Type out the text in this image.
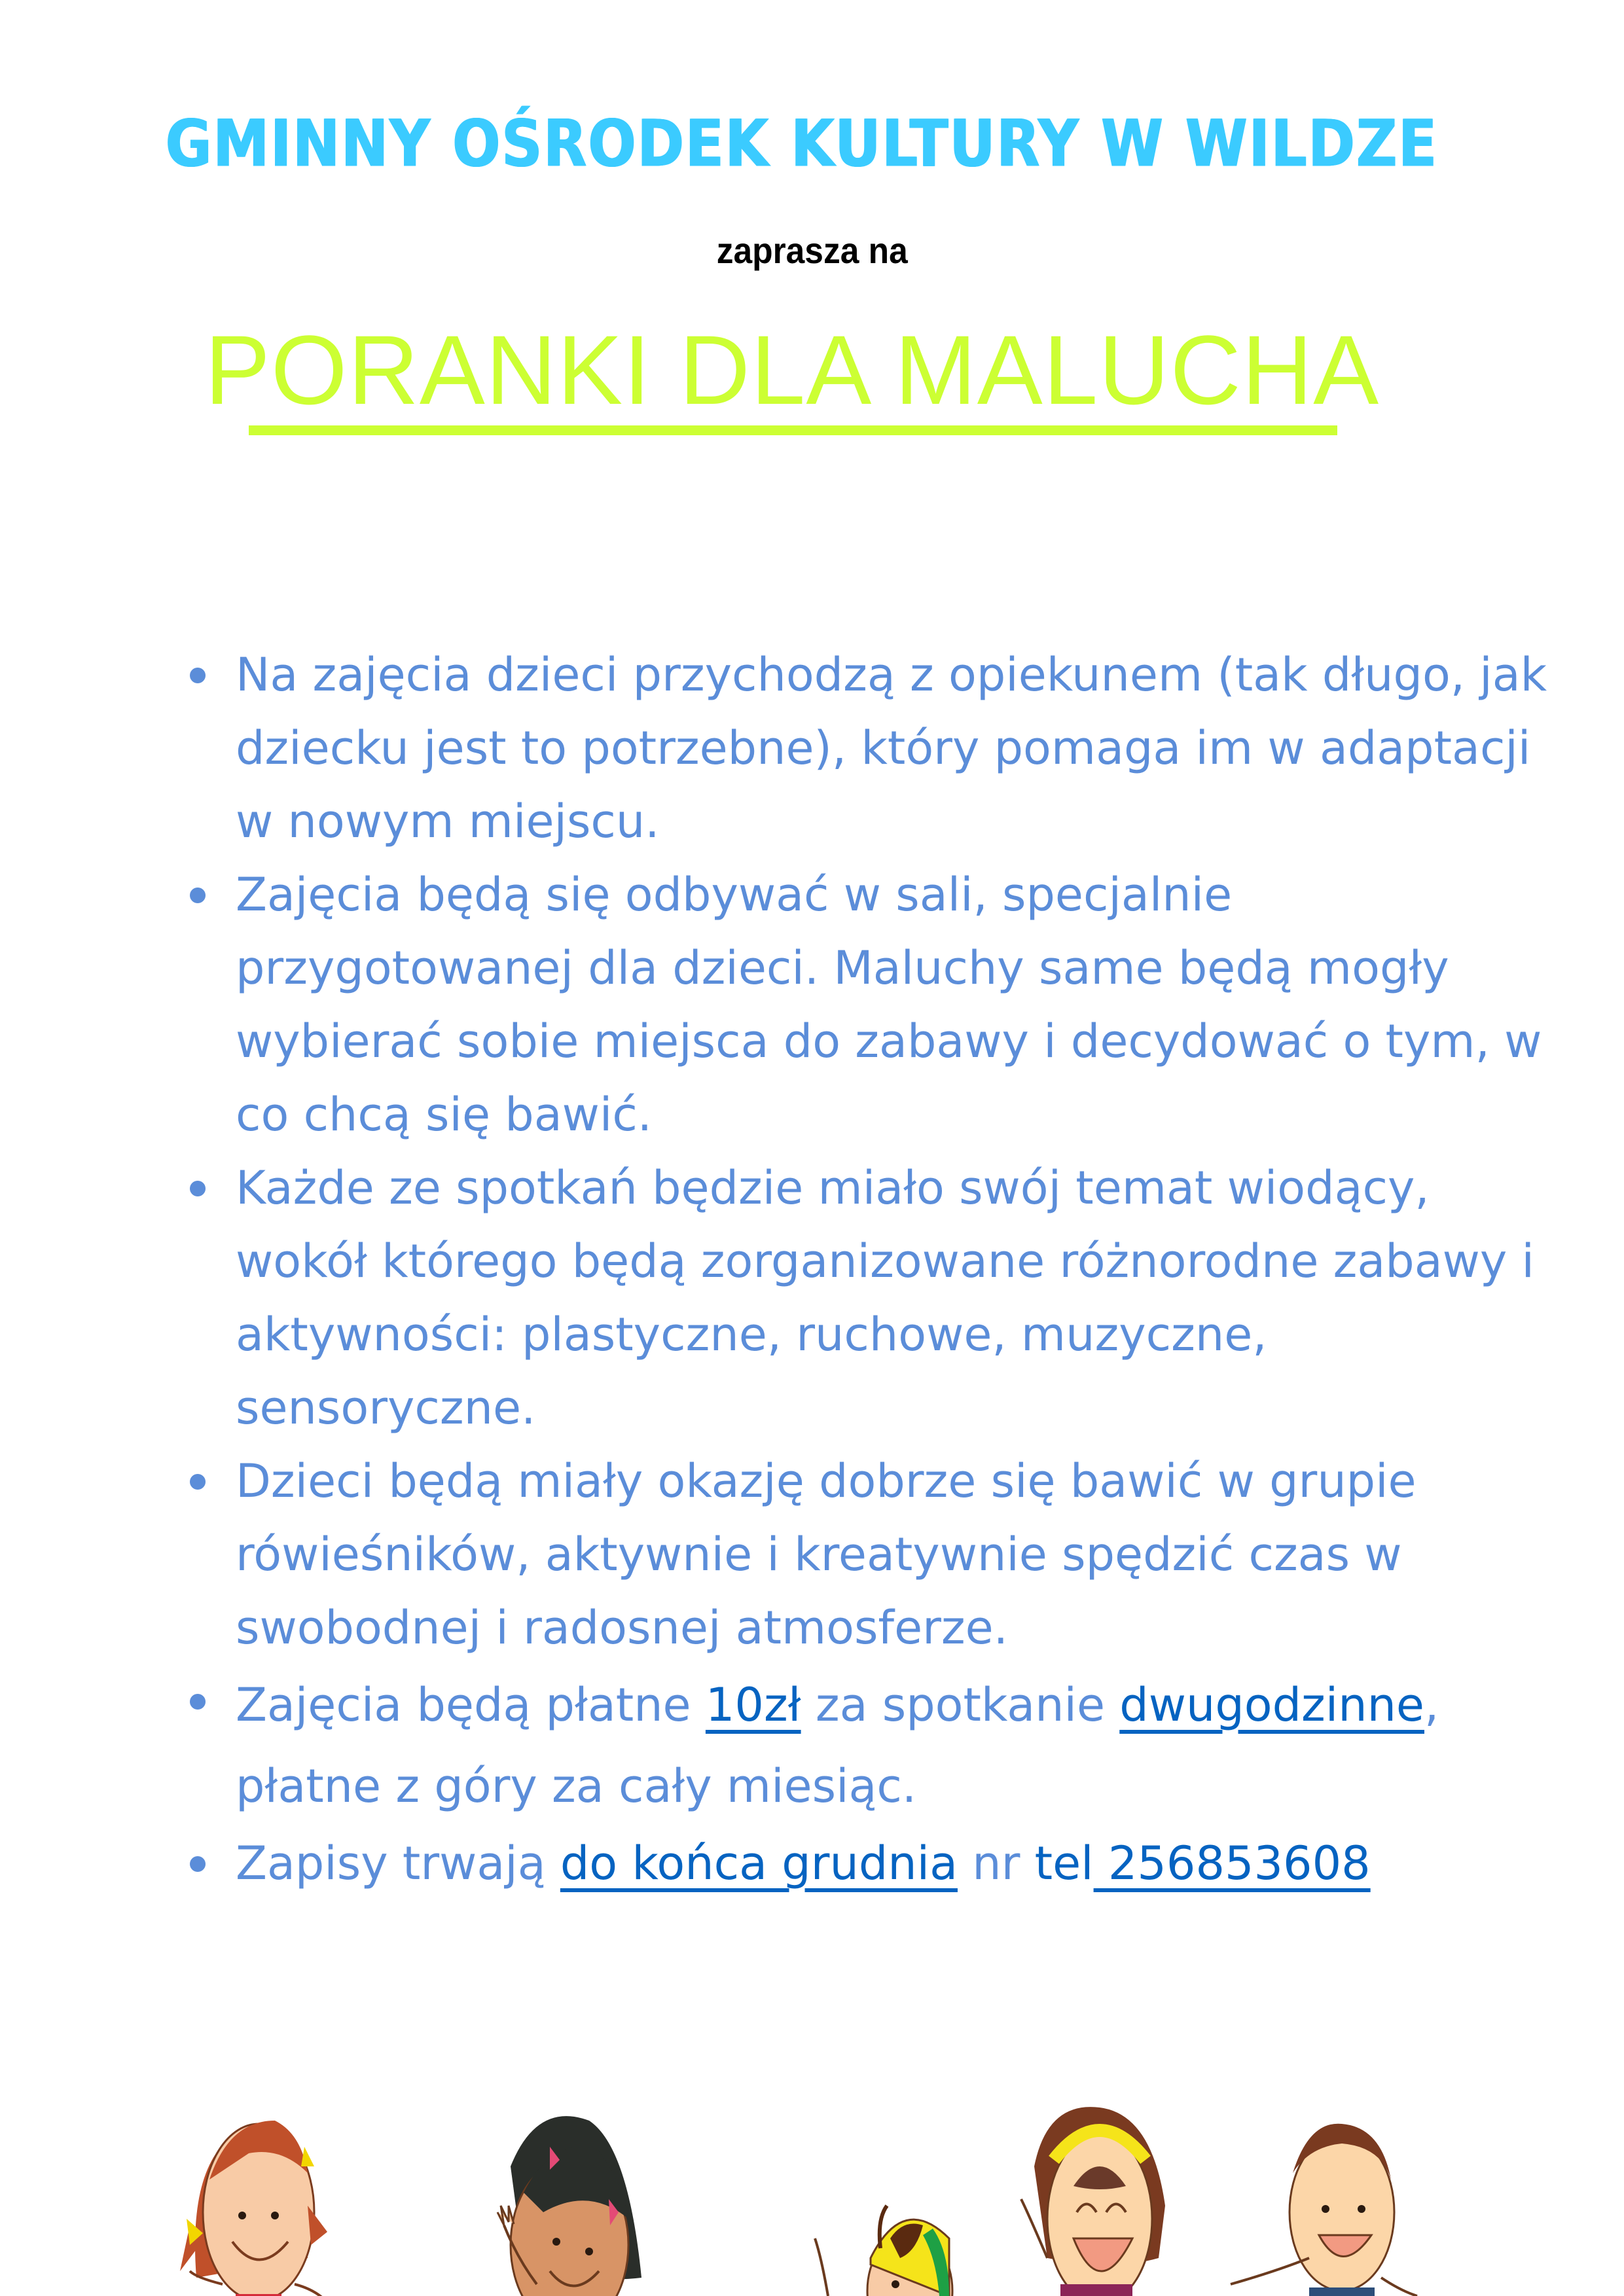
GMINNY OŚRODEK KULTURY W WILDZE
zaprasza na
PORANKI DLA MALUCHA
Na zajęcia dzieci przychodzą z opiekunem (tak długo, jak dziecku jest to potrzebne), który pomaga im w adaptacji w nowym miejscu.
Zajęcia będą się odbywać w sali, specjalnie przygotowanej dla dzieci. Maluchy same będą mogły wybierać sobie miejsca do zabawy i decydować o tym, w co chcą się bawić.
Każde ze spotkań będzie miało swój temat wiodący, wokół którego będą zorganizowane różnorodne zabawy i aktywności: plastyczne, ruchowe, muzyczne, sensoryczne.
Dzieci będą miały okazję dobrze się bawić w grupie rówieśników, aktywnie i kreatywnie spędzić czas w swobodnej i radosnej atmosferze.
Zajęcia będą płatne 10zł za spotkanie dwugodzinne, płatne z góry za cały miesiąc.
Zapisy trwają do końca grudnia nr tel 256853608
